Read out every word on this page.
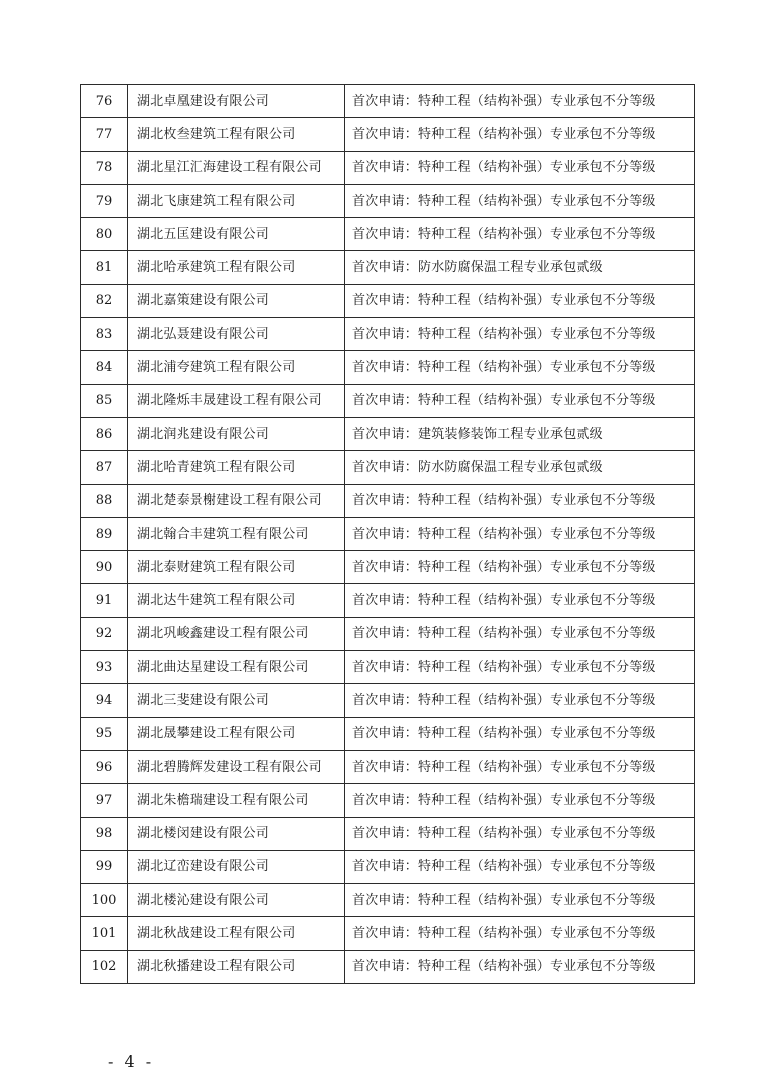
76	湖北卓凰建设有限公司	首次申请：特种工程（结构补强）专业承包不分等级
77	湖北枚叁建筑工程有限公司	首次申请：特种工程（结构补强）专业承包不分等级
78	湖北星江汇海建设工程有限公司	首次申请：特种工程（结构补强）专业承包不分等级
79	湖北飞康建筑工程有限公司	首次申请：特种工程（结构补强）专业承包不分等级
80	湖北五匡建设有限公司	首次申请：特种工程（结构补强）专业承包不分等级
81	湖北哈承建筑工程有限公司	首次申请：防水防腐保温工程专业承包贰级
82	湖北嘉策建设有限公司	首次申请：特种工程（结构补强）专业承包不分等级
83	湖北弘聂建设有限公司	首次申请：特种工程（结构补强）专业承包不分等级
84	湖北浦夸建筑工程有限公司	首次申请：特种工程（结构补强）专业承包不分等级
85	湖北隆烁丰晟建设工程有限公司	首次申请：特种工程（结构补强）专业承包不分等级
86	湖北润兆建设有限公司	首次申请：建筑装修装饰工程专业承包贰级
87	湖北哈青建筑工程有限公司	首次申请：防水防腐保温工程专业承包贰级
88	湖北楚泰景榭建设工程有限公司	首次申请：特种工程（结构补强）专业承包不分等级
89	湖北翰合丰建筑工程有限公司	首次申请：特种工程（结构补强）专业承包不分等级
90	湖北泰财建筑工程有限公司	首次申请：特种工程（结构补强）专业承包不分等级
91	湖北达牛建筑工程有限公司	首次申请：特种工程（结构补强）专业承包不分等级
92	湖北巩峻鑫建设工程有限公司	首次申请：特种工程（结构补强）专业承包不分等级
93	湖北曲达星建设工程有限公司	首次申请：特种工程（结构补强）专业承包不分等级
94	湖北三斐建设有限公司	首次申请：特种工程（结构补强）专业承包不分等级
95	湖北晟攀建设工程有限公司	首次申请：特种工程（结构补强）专业承包不分等级
96	湖北碧腾辉发建设工程有限公司	首次申请：特种工程（结构补强）专业承包不分等级
97	湖北朱檐瑞建设工程有限公司	首次申请：特种工程（结构补强）专业承包不分等级
98	湖北楼闵建设有限公司	首次申请：特种工程（结构补强）专业承包不分等级
99	湖北辽峦建设有限公司	首次申请：特种工程（结构补强）专业承包不分等级
100	湖北楼沁建设有限公司	首次申请：特种工程（结构补强）专业承包不分等级
101	湖北秋战建设工程有限公司	首次申请：特种工程（结构补强）专业承包不分等级
102	湖北秋播建设工程有限公司	首次申请：特种工程（结构补强）专业承包不分等级
- 4 -
